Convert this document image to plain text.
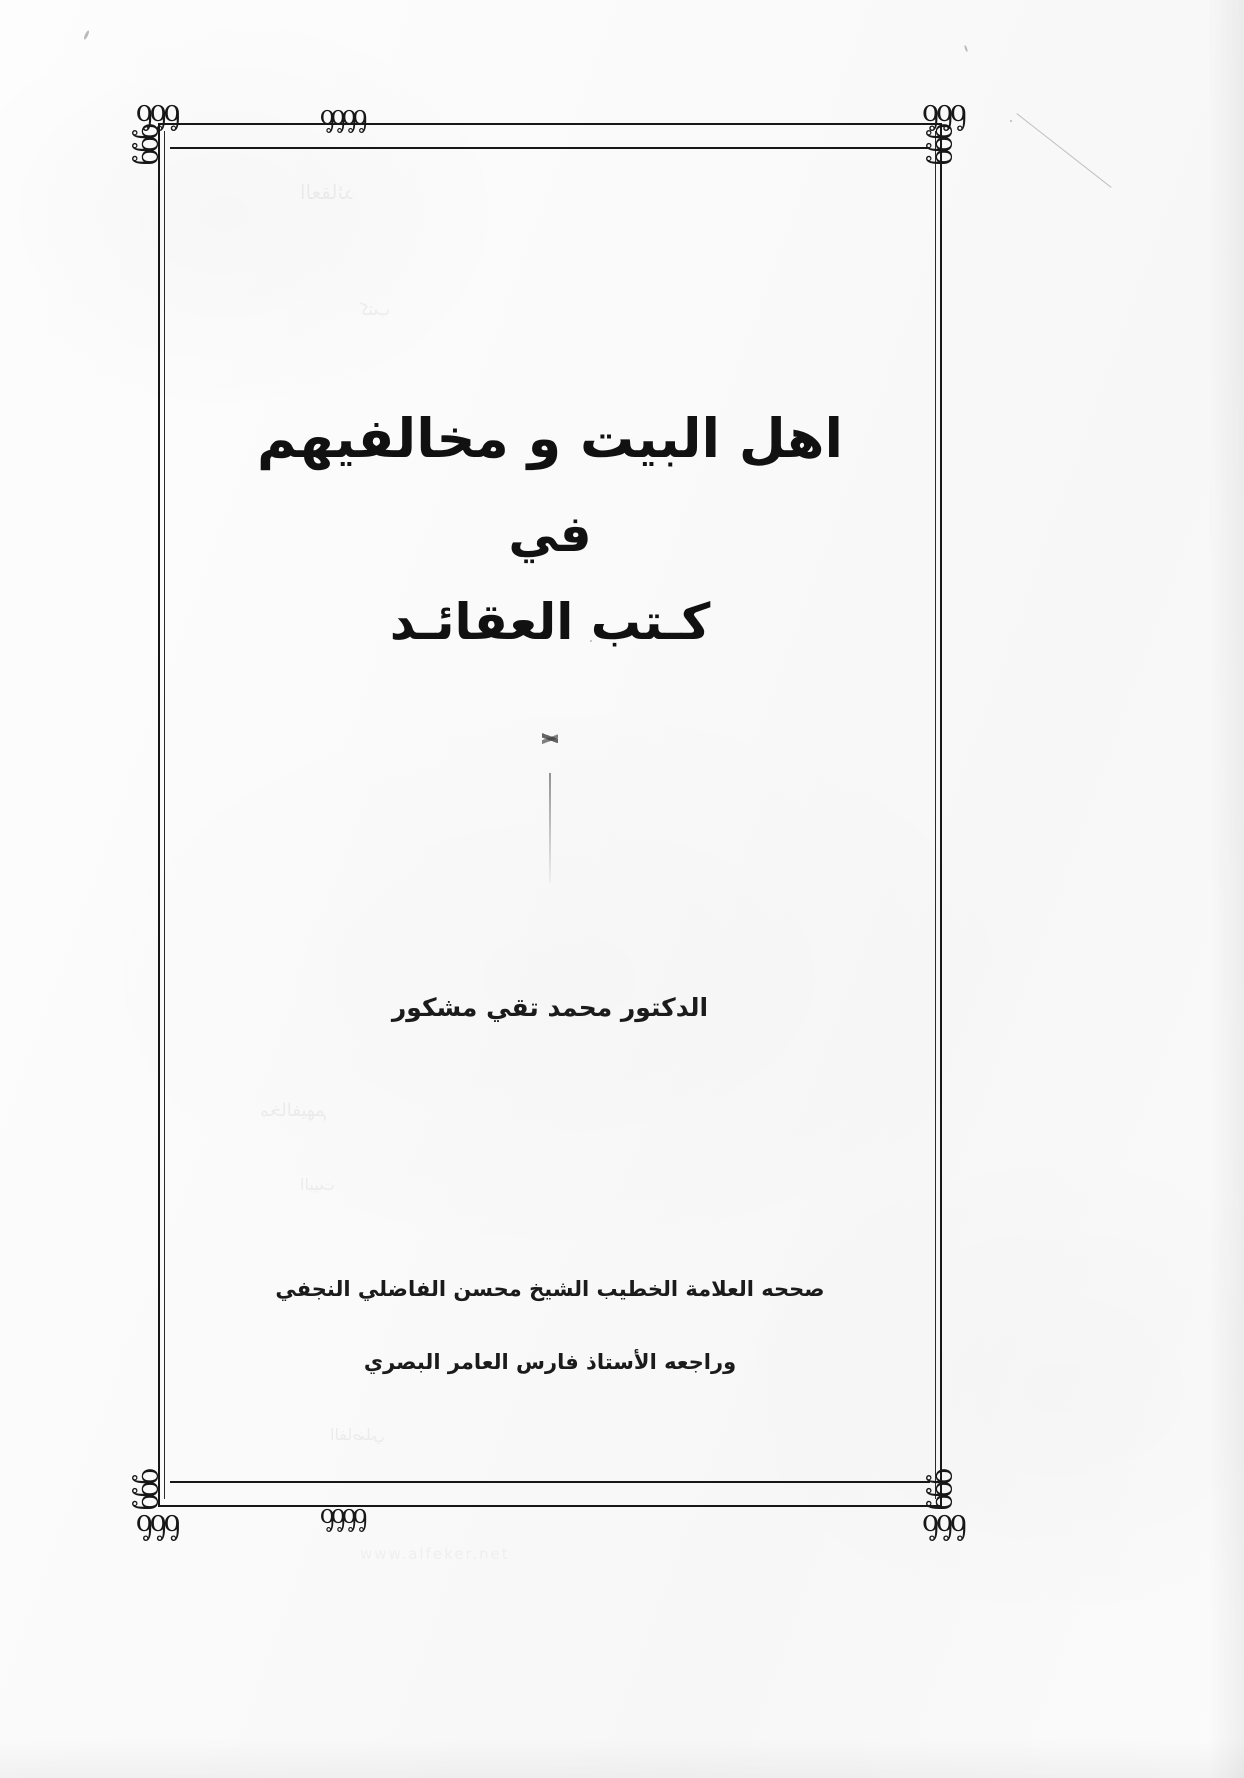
العقائد
كتب
مخالفيهم
البيت
الفاضلي
www.alfeker.net
ᧁᧁᧁ
ᧁᧁᧁ
ᧁᧁᧁ
ᧁᧁᧁ
ᧁᧁᧁ
ᧁᧁᧁ
ᧁᧁᧁ
ᧁᧁᧁ
ᧁᧁᧁᧁ
ᧁᧁᧁᧁ
اهل البيت و مخالفيهم
في
كـتب العقائـد
الدكتور محمد تقي مشكور
صححه العلامة الخطيب الشيخ محسن الفاضلي النجفي
وراجعه الأستاذ فارس العامر البصري
